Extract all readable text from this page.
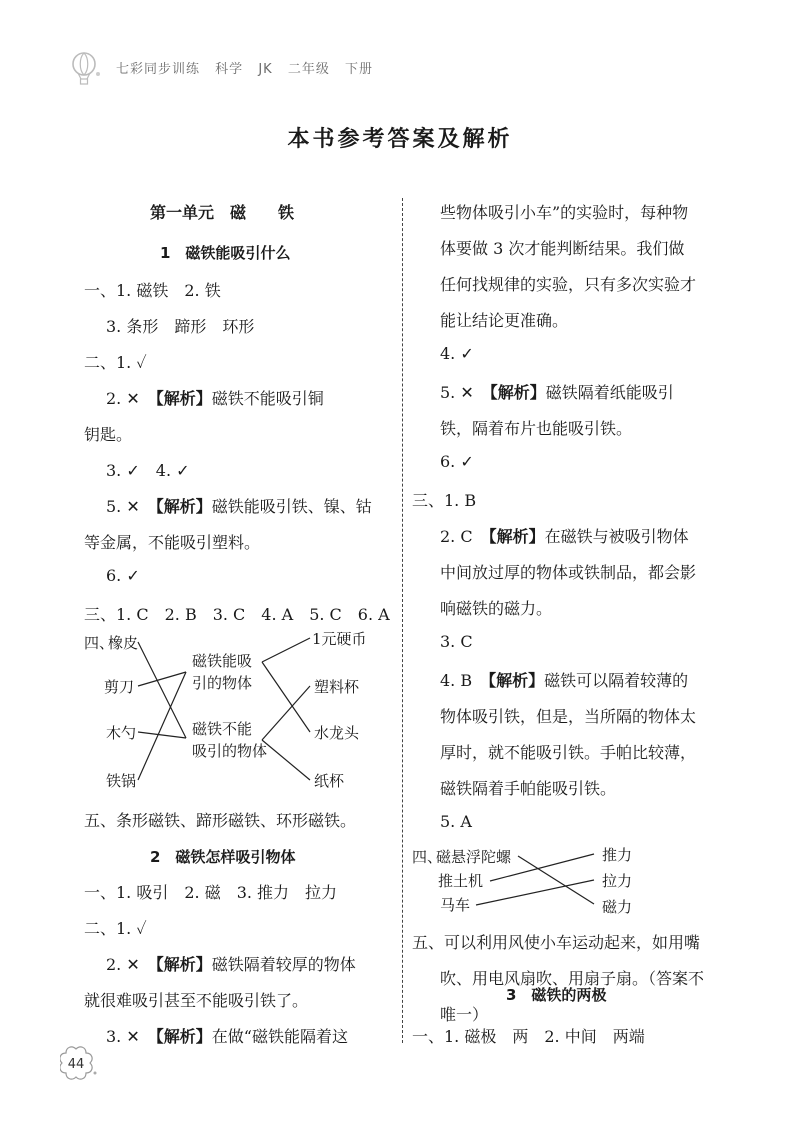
七彩同步训练 科学 JK 二年级 下册
本书参考答案及解析
第一单元　磁　　铁
1　磁铁能吸引什么
一、1. 磁铁　2. 铁
3. 条形　蹄形　环形
二、1. ✓
2. ✕　【解析】磁铁不能吸引铜
钥匙。
3. ✓　4. ✓
5. ✕　【解析】磁铁能吸引铁、镍、钴
等金属，不能吸引塑料。
6. ✓
三、1. C　2. B　3. C　4. A　5. C　6. A
四、
橡皮
剪刀
木勺
铁锅
磁铁能吸
引的物体
磁铁不能
吸引的物体
1元硬币
塑料杯
水龙头
纸杯
五、条形磁铁、蹄形磁铁、环形磁铁。
2　磁铁怎样吸引物体
一、1. 吸引　2. 磁　3. 推力　拉力
二、1. ✓
2. ✕　【解析】磁铁隔着较厚的物体
就很难吸引甚至不能吸引铁了。
3. ✕　【解析】在做“磁铁能隔着这
些物体吸引小车”的实验时，每种物
体要做 3 次才能判断结果。我们做
任何找规律的实验，只有多次实验才
能让结论更准确。
4. ✓
5. ✕　【解析】磁铁隔着纸能吸引
铁，隔着布片也能吸引铁。
6. ✓
三、1. B
2. C　【解析】在磁铁与被吸引物体
中间放过厚的物体或铁制品，都会影
响磁铁的磁力。
3. C
4. B　【解析】磁铁可以隔着较薄的
物体吸引铁，但是，当所隔的物体太
厚时，就不能吸引铁。手帕比较薄，
磁铁隔着手帕能吸引铁。
5. A
四、
磁悬浮陀螺
推土机
马车
推力
拉力
磁力
五、可以利用风使小车运动起来，如用嘴
吹、用电风扇吹、用扇子扇。（答案不
唯一）
3　磁铁的两极
一、1. 磁极　两　2. 中间　两端
44
